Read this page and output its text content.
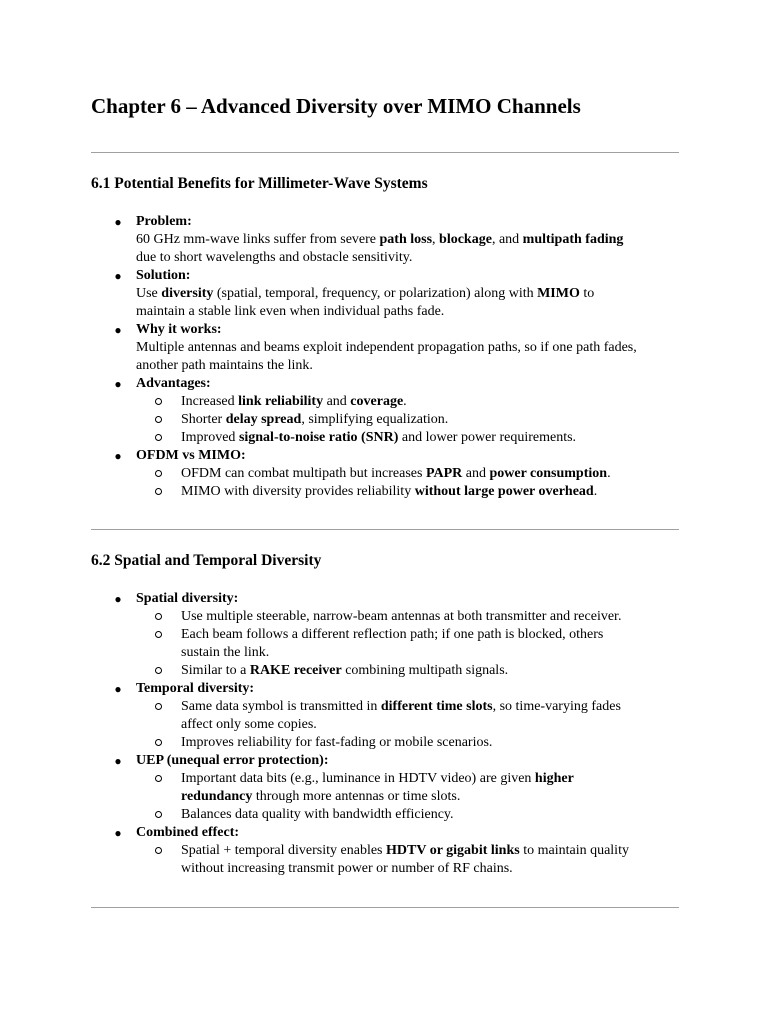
Chapter 6 – Advanced Diversity over MIMO Channels
6.1 Potential Benefits for Millimeter-Wave Systems
● Problem:
60 GHz mm-wave links suffer from severe path loss, blockage, and multipath fading
due to short wavelengths and obstacle sensitivity.
● Solution:
Use diversity (spatial, temporal, frequency, or polarization) along with MIMO to
maintain a stable link even when individual paths fade.
● Why it works:
Multiple antennas and beams exploit independent propagation paths, so if one path fades,
another path maintains the link.
● Advantages:
Increased link reliability and coverage.
Shorter delay spread, simplifying equalization.
Improved signal-to-noise ratio (SNR) and lower power requirements.
● OFDM vs MIMO:
OFDM can combat multipath but increases PAPR and power consumption.
MIMO with diversity provides reliability without large power overhead.
6.2 Spatial and Temporal Diversity
● Spatial diversity:
Use multiple steerable, narrow-beam antennas at both transmitter and receiver.
Each beam follows a different reflection path; if one path is blocked, others
sustain the link.
Similar to a RAKE receiver combining multipath signals.
● Temporal diversity:
Same data symbol is transmitted in different time slots, so time-varying fades
affect only some copies.
Improves reliability for fast-fading or mobile scenarios.
● UEP (unequal error protection):
Important data bits (e.g., luminance in HDTV video) are given higher
redundancy through more antennas or time slots.
Balances data quality with bandwidth efficiency.
● Combined effect:
Spatial + temporal diversity enables HDTV or gigabit links to maintain quality
without increasing transmit power or number of RF chains.
